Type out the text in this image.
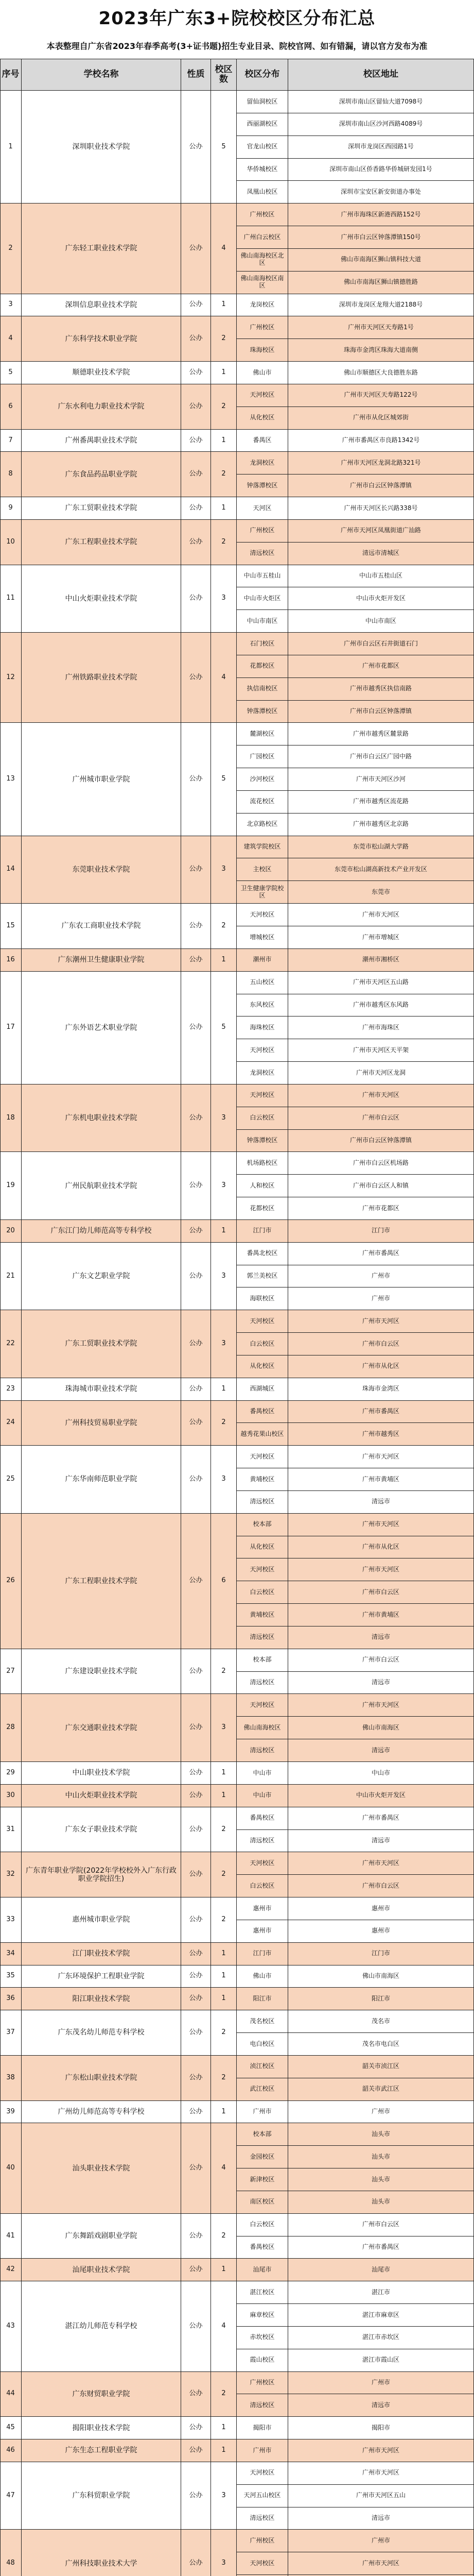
2023年广东3+院校校区分布汇总
本表整理自广东省2023年春季高考(3+证书题)招生专业目录、院校官网、如有错漏，请以官方发布为准
序号	学校名称	性质	校区数	校区分布	校区地址
1	深圳职业技术学院	公办	5
留仙洞校区	深圳市南山区留仙大道7098号
西丽湖校区	深圳市南山区沙河西路4089号
官龙山校区	深圳市龙岗区西园路1号
华侨城校区	深圳市南山区侨香路华侨城研发园1号
凤凰山校区	深圳市宝安区新安街道办事处
2	广东轻工职业技术学院	公办	4
广州校区	广州市海珠区新港西路152号
广州白云校区	广州市白云区钟落潭镇150号
佛山南海校区北区	佛山市南海区狮山镇科技大道
佛山南海校区南区	佛山市南海区狮山镇德胜路
3	深圳信息职业技术学院	公办	1	龙岗校区	深圳市龙岗区龙翔大道2188号
4	广东科学技术职业学院	公办	2
广州校区	广州市天河区天寿路1号
珠海校区	珠海市金湾区珠海大道南侧
5	顺德职业技术学院	公办	1	佛山市	佛山市顺德区大良德胜东路
6	广东水利电力职业技术学院	公办	2
天河校区	广州市天河区天寿路122号
从化校区	广州市从化区城郊街
7	广州番禺职业技术学院	公办	1	番禺区	广州市番禺区市良路1342号
8	广东食品药品职业学院	公办	2
龙洞校区	广州市天河区龙洞北路321号
钟落潭校区	广州市白云区钟落潭镇
9	广东工贸职业技术学院	公办	1	天河区	广州市天河区长兴路338号
10	广东工程职业技术学院	公办	2
广州校区	广州市天河区凤凰街道广汕路
清远校区	清远市清城区
11	中山火炬职业技术学院	公办	3
中山市五桂山	中山市五桂山区
中山市火炬区	中山市火炬开发区
中山市南区	中山市南区
12	广州铁路职业技术学院	公办	4
石门校区	广州市白云区石井街道石门
花都校区	广州市花都区
执信南校区	广州市越秀区执信南路
钟落潭校区	广州市白云区钟落潭镇
13	广州城市职业学院	公办	5
麓湖校区	广州市越秀区麓景路
广园校区	广州市白云区广园中路
沙河校区	广州市天河区沙河
流花校区	广州市越秀区流花路
北京路校区	广州市越秀区北京路
14	东莞职业技术学院	公办	3
建筑学院校区	东莞市松山湖大学路
主校区	东莞市松山湖高新技术产业开发区
卫生健康学院校区	东莞市
15	广东农工商职业技术学院	公办	2
天河校区	广州市天河区
增城校区	广州市增城区
16	广东潮州卫生健康职业学院	公办	1	潮州市	潮州市湘桥区
17	广东外语艺术职业学院	公办	5
五山校区	广州市天河区五山路
东风校区	广州市越秀区东风路
海珠校区	广州市海珠区
天河校区	广州市天河区天平架
龙洞校区	广州市天河区龙洞
18	广东机电职业技术学院	公办	3
天河校区	广州市天河区
白云校区	广州市白云区
钟落潭校区	广州市白云区钟落潭镇
19	广州民航职业技术学院	公办	3
机场路校区	广州市白云区机场路
人和校区	广州市白云区人和镇
花都校区	广州市花都区
20	广东江门幼儿师范高等专科学校	公办	1	江门市	江门市
21	广东文艺职业学院	公办	3
番禺北校区	广州市番禺区
郭兰美校区	广州市
海联校区	广州市
22	广东工贸职业技术学院	公办	3
天河校区	广州市天河区
白云校区	广州市白云区
从化校区	广州市从化区
23	珠海城市职业技术学院	公办	1	西湖城区	珠海市金湾区
24	广州科技贸易职业学院	公办	2
番禺校区	广州市番禺区
越秀花果山校区	广州市越秀区
25	广东华南师范职业学院	公办	3
天河校区	广州市天河区
黄埔校区	广州市黄埔区
清远校区	清远市
26	广东工程职业技术学院	公办	6
校本部	广州市天河区
从化校区	广州市从化区
天河校区	广州市天河区
白云校区	广州市白云区
黄埔校区	广州市黄埔区
清远校区	清远市
27	广东建设职业技术学院	公办	2
校本部	广州市白云区
清远校区	清远市
28	广东交通职业技术学院	公办	3
天河校区	广州市天河区
佛山南海校区	佛山市南海区
清远校区	清远市
29	中山职业技术学院	公办	1	中山市	中山市
30	中山火炬职业技术学院	公办	1	中山市	中山市火炬开发区
31	广东女子职业技术学院	公办	2
番禺校区	广州市番禺区
清远校区	清远市
32	广东青年职业学院(2022年学校校外入广东行政职业学院招生)
公办	2
天河校区	广州市天河区
白云校区	广州市白云区
33	惠州城市职业学院	公办	2
惠州市	惠州市
惠州市	惠州市
34	江门职业技术学院	公办	1	江门市	江门市
35	广东环境保护工程职业学院	公办	1	佛山市	佛山市南海区
36	阳江职业技术学院	公办	1	阳江市	阳江市
37	广东茂名幼儿师范专科学校	公办	2
茂名校区	茂名市
电白校区	茂名市电白区
38	广东松山职业技术学院	公办	2
浈江校区	韶关市浈江区
武江校区	韶关市武江区
39	广州幼儿师范高等专科学校	公办	1	广州市	广州市
40	汕头职业技术学院	公办	4
校本部	汕头市
金园校区	汕头市
新津校区	汕头市
南区校区	汕头市
41	广东舞蹈戏剧职业学院	公办	2
白云校区	广州市白云区
番禺校区	广州市番禺区
42	汕尾职业技术学院	公办	1	汕尾市	汕尾市
43	湛江幼儿师范专科学校	公办	4
湛江校区	湛江市
麻章校区	湛江市麻章区
赤坎校区	湛江市赤坎区
霞山校区	湛江市霞山区
44	广东财贸职业学院	公办	2
广州校区	广州市
清远校区	清远市
45	揭阳职业技术学院	公办	1	揭阳市	揭阳市
46	广东生态工程职业学院	公办	1	广州市	广州市天河区
47	广东科贸职业学院	公办	3
天河校区	广州市天河区
天河五山校区	广州市天河区五山
清远校区	清远市
48	广州科技职业技术大学	公办	3
广州校区	广州市
天河校区	广州市天河区
